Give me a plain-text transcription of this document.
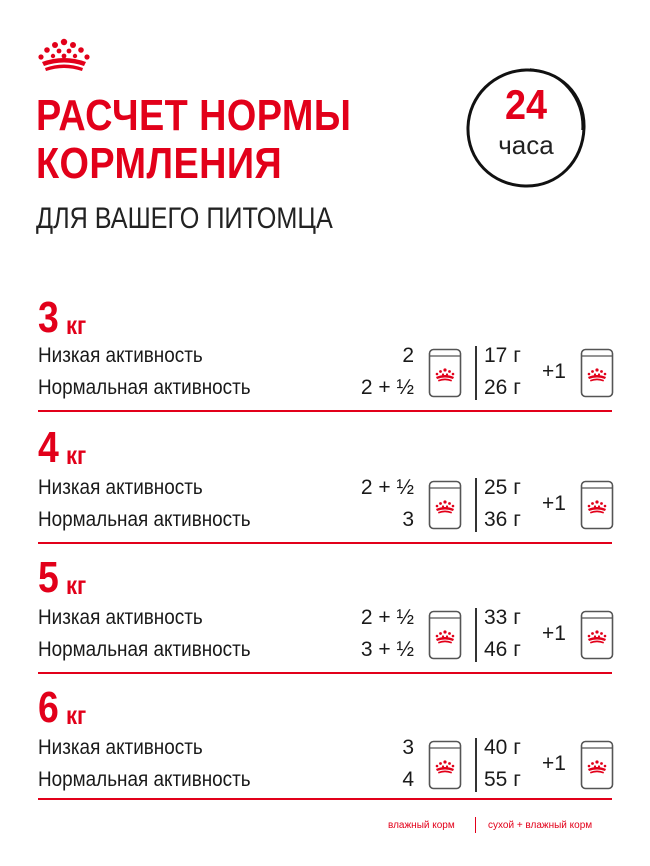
РАСЧЕТ НОРМЫ
КОРМЛЕНИЯ
ДЛЯ ВАШЕГО ПИТОМЦА
24
часа
3 кг
Низкая активность
Нормальная активность
2
2 + ½
17 г
26 г
+1
4 кг
Низкая активность
Нормальная активность
2 + ½
3
25 г
36 г
+1
5 кг
Низкая активность
Нормальная активность
2 + ½
3 + ½
33 г
46 г
+1
6 кг
Низкая активность
Нормальная активность
3
4
40 г
55 г
+1
влажный корм	сухой + влажный корм
